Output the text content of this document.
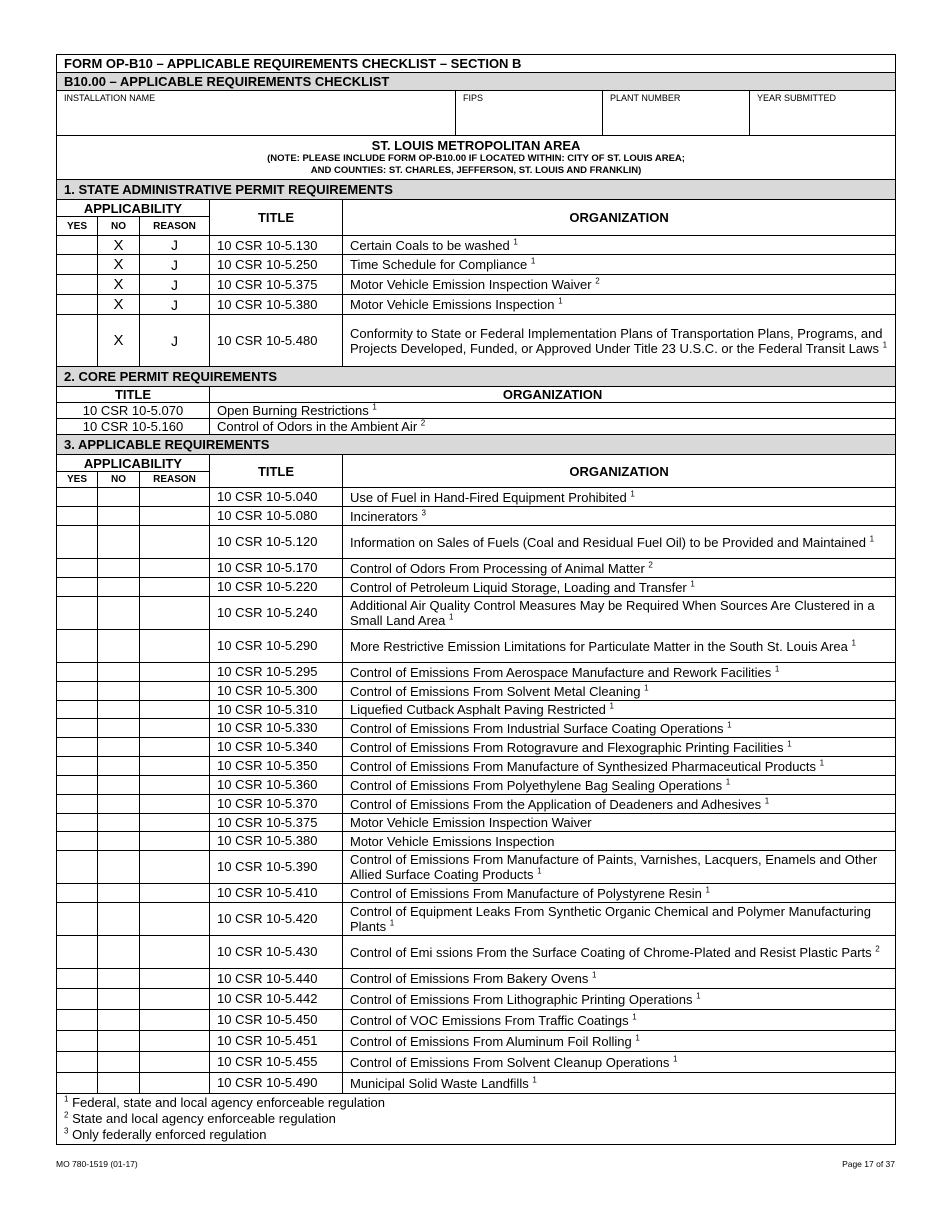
FORM OP-B10 – APPLICABLE REQUIREMENTS CHECKLIST – SECTION B							
B10.00 – APPLICABLE REQUIREMENTS CHECKLIST							
INSTALLATION NAME					FIPS	PLANT NUMBER	YEAR SUBMITTED

ST. LOUIS METROPOLITAN AREA
(NOTE: PLEASE INCLUDE FORM OP-B10.00 IF LOCATED WITHIN: CITY OF ST. LOUIS AREA;
AND COUNTIES: ST. CHARLES, JEFFERSON, ST. LOUIS AND FRANKLIN)							

1. STATE ADMINISTRATIVE PERMIT REQUIREMENTS							
APPLICABILITY			TITLE	ORGANIZATION			
YES	NO	REASON					
	X	J	10 CSR 10-5.130	Certain Coals to be washed $^1$
	X	J	10 CSR 10-5.250	Time Schedule for Compliance $^1$
	X	J	10 CSR 10-5.375	Motor Vehicle Emission Inspection Waiver $^2$
	X	J	10 CSR 10-5.380	Motor Vehicle Emissions Inspection $^1$
	X	J	10 CSR 10-5.480	Conformity to State or Federal Implementation Plans of Transportation Plans, Programs, and Projects Developed, Funded, or Approved Under Title 23 U.S.C. or the Federal Transit Laws $^1$
2. CORE PERMIT REQUIREMENTS							
TITLE			ORGANIZATION				
10 CSR 10-5.070			Open Burning Restrictions $^1$
10 CSR 10-5.160			Control of Odors in the Ambient Air $^2$
3. APPLICABLE REQUIREMENTS							
APPLICABILITY			TITLE	ORGANIZATION			
YES	NO	REASON					
			10 CSR 10-5.040	Use of Fuel in Hand-Fired Equipment Prohibited $^1$
			10 CSR 10-5.080	Incinerators $^3$
			10 CSR 10-5.120	Information on Sales of Fuels (Coal and Residual Fuel Oil) to be Provided and Maintained $^1$
			10 CSR 10-5.170	Control of Odors From Processing of Animal Matter $^2$
			10 CSR 10-5.220	Control of Petroleum Liquid Storage, Loading and Transfer $^1$
			10 CSR 10-5.240	Additional Air Quality Control Measures May be Required When Sources Are Clustered in a Small Land Area $^1$
			10 CSR 10-5.290	More Restrictive Emission Limitations for Particulate Matter in the South St. Louis Area $^1$
			10 CSR 10-5.295	Control of Emissions From Aerospace Manufacture and Rework Facilities $^1$
			10 CSR 10-5.300	Control of Emissions From Solvent Metal Cleaning $^1$
			10 CSR 10-5.310	Liquefied Cutback Asphalt Paving Restricted $^1$
			10 CSR 10-5.330	Control of Emissions From Industrial Surface Coating Operations $^1$
			10 CSR 10-5.340	Control of Emissions From Rotogravure and Flexographic Printing Facilities $^1$
			10 CSR 10-5.350	Control of Emissions From Manufacture of Synthesized Pharmaceutical Products $^1$
			10 CSR 10-5.360	Control of Emissions From Polyethylene Bag Sealing Operations $^1$
			10 CSR 10-5.370	Control of Emissions From the Application of Deadeners and Adhesives $^1$
			10 CSR 10-5.375	Motor Vehicle Emission Inspection Waiver			
			10 CSR 10-5.380	Motor Vehicle Emissions Inspection			
			10 CSR 10-5.390	Control of Emissions From Manufacture of Paints, Varnishes, Lacquers, Enamels and Other Allied Surface Coating Products $^1$
			10 CSR 10-5.410	Control of Emissions From Manufacture of Polystyrene Resin $^1$
			10 CSR 10-5.420	Control of Equipment Leaks From Synthetic Organic Chemical and Polymer Manufacturing Plants $^1$
			10 CSR 10-5.430	Control of Emi ssions From the Surface Coating of Chrome-Plated and Resist Plastic Parts $^2$
			10 CSR 10-5.440	Control of Emissions From Bakery Ovens $^1$
			10 CSR 10-5.442	Control of Emissions From Lithographic Printing Operations $^1$
			10 CSR 10-5.450	Control of VOC Emissions From Traffic Coatings $^1$
			10 CSR 10-5.451	Control of Emissions From Aluminum Foil Rolling $^1$
			10 CSR 10-5.455	Control of Emissions From Solvent Cleanup Operations $^1$
			10 CSR 10-5.490	Municipal Solid Waste Landfills $^1$

$^1$ Federal, state and local agency enforceable regulation
$^2$ State and local agency enforceable regulation
$^3$ Only federally enforced regulation							
MO 780-1519 (01-17)	Page 17 of 37
